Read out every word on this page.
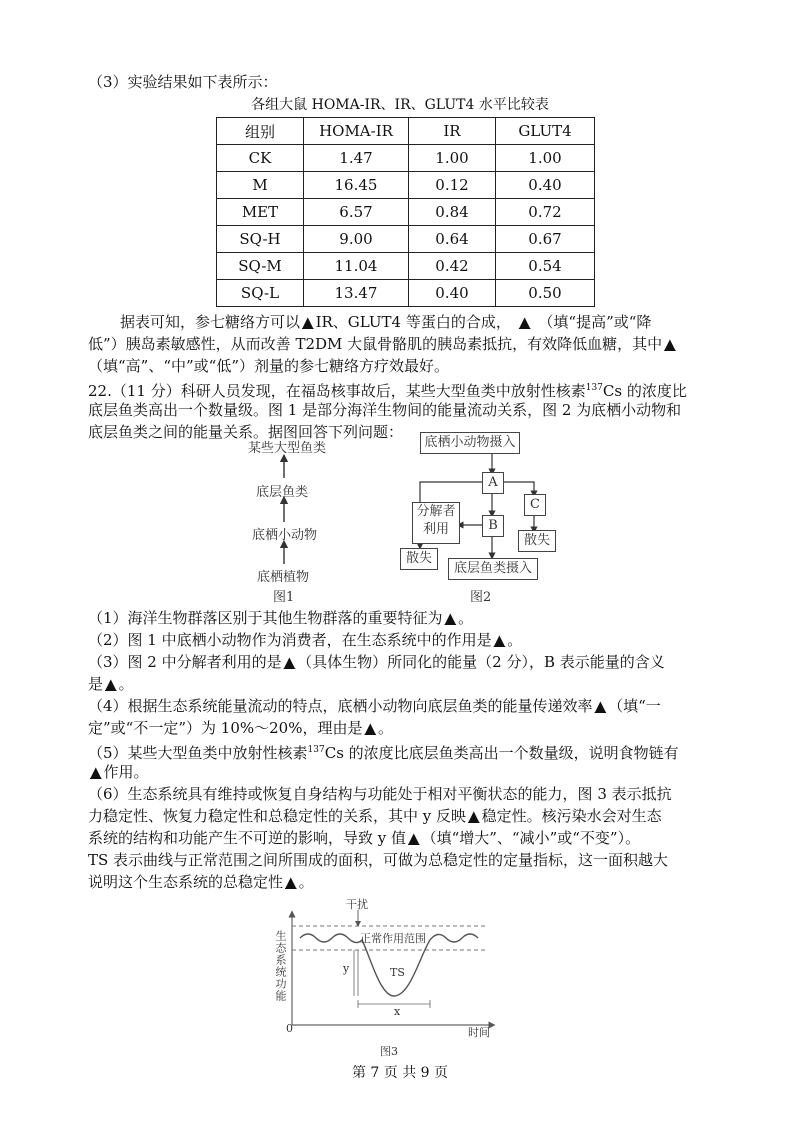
（3）实验结果如下表所示：
各组大鼠 HOMA-IR、IR、GLUT4 水平比较表
组别	HOMA-IR	IR	GLUT4
CK	1.47	1.00	1.00
M	16.45	0.12	0.40
MET	6.57	0.84	0.72
SQ-H	9.00	0.64	0.67
SQ-M	11.04	0.42	0.54
SQ-L	13.47	0.40	0.50
据表可知，参七糖络方可以 ▲ IR、GLUT4 等蛋白的合成， ▲ （填“提高”或“降
低”）胰岛素敏感性，从而改善 T2DM 大鼠骨骼肌的胰岛素抵抗，有效降低血糖，其中 ▲
（填“高”、“中”或“低”）剂量的参七糖络方疗效最好。
22.（11 分）科研人员发现，在福岛核事故后，某些大型鱼类中放射性核素$^{137}$Cs 的浓度比
底层鱼类高出一个数量级。图 1 是部分海洋生物间的能量流动关系，图 2 为底栖小动物和
底层鱼类之间的能量关系。据图回答下列问题：
某些大型鱼类
底层鱼类
底栖小动物
底栖植物
图1
底栖小动物摄入
A
C
B
分解者
利用
散失
散失
底层鱼类摄入
图2
（1）海洋生物群落区别于其他生物群落的重要特征为 ▲ 。
（2）图 1 中底栖小动物作为消费者，在生态系统中的作用是 ▲ 。
（3）图 2 中分解者利用的是 ▲ （具体生物）所同化的能量（2 分），B 表示能量的含义
是 ▲ 。
（4）根据生态系统能量流动的特点，底栖小动物向底层鱼类的能量传递效率 ▲ （填“一
定”或“不一定”）为 10%～20%，理由是 ▲ 。
（5）某些大型鱼类中放射性核素$^{137}$Cs 的浓度比底层鱼类高出一个数量级，说明食物链有
▲ 作用。
（6）生态系统具有维持或恢复自身结构与功能处于相对平衡状态的能力，图 3 表示抵抗
力稳定性、恢复力稳定性和总稳定性的关系，其中 y 反映 ▲ 稳定性。核污染水会对生态
系统的结构和功能产生不可逆的影响，导致 y 值 ▲ （填“增大”、“减小”或“不变”）。
TS 表示曲线与正常范围之间所围成的面积，可做为总稳定性的定量指标，这一面积越大
说明这个生态系统的总稳定性 ▲ 。
干扰
正常作用范围
生态系统功能
时间
0
TS
y
x
图3
第 7 页 共 9 页
